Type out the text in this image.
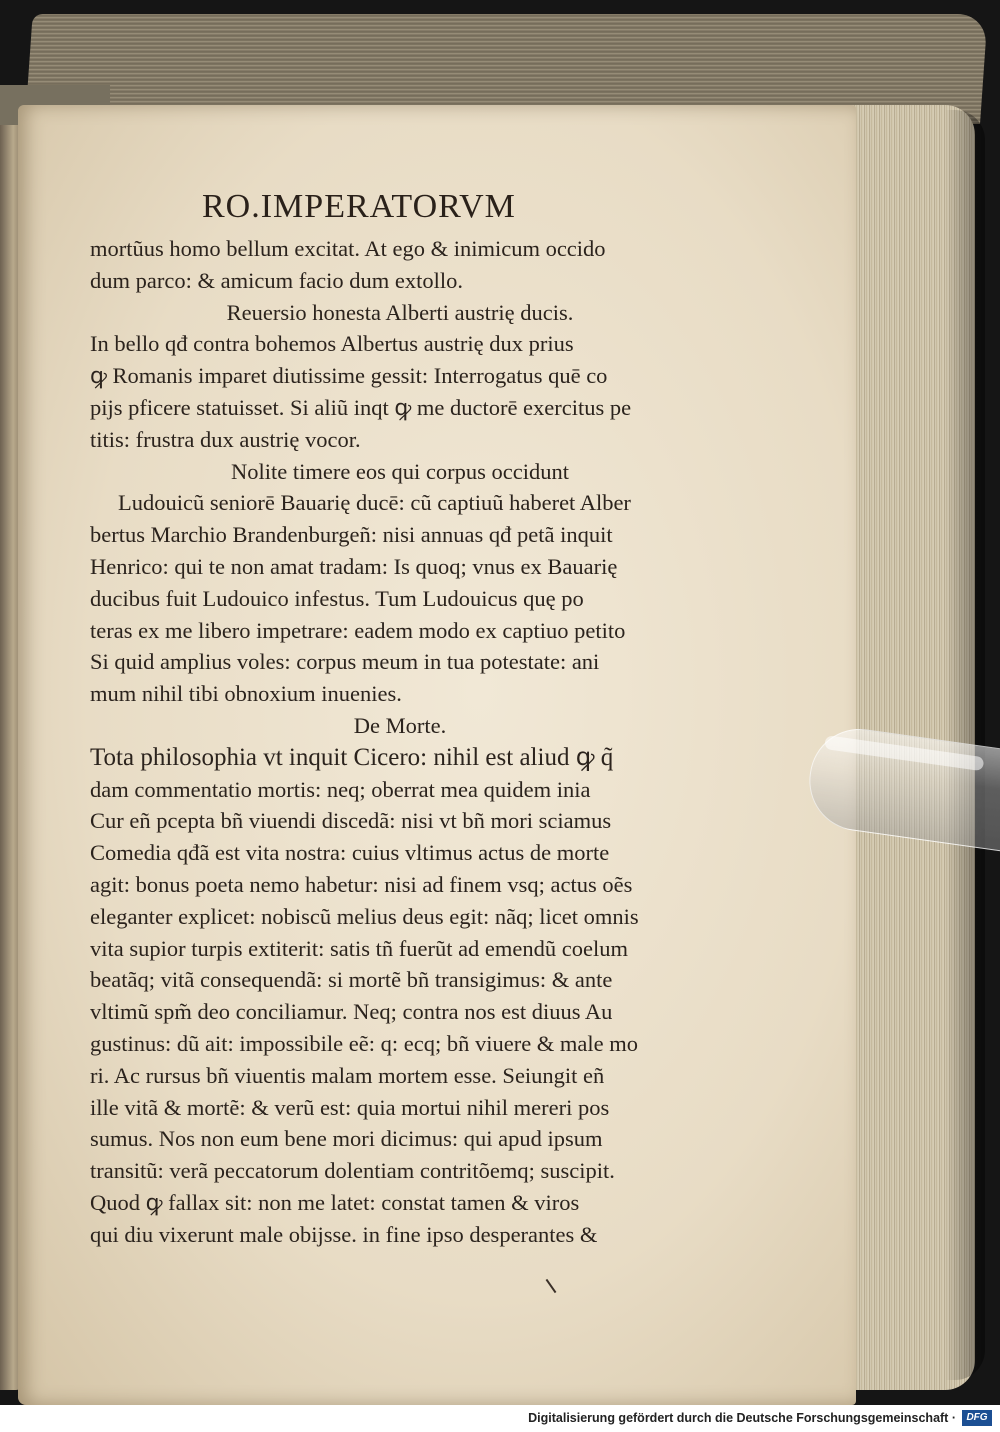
RO.IMPERATORVM
mortũus homo bellum excitat. At ego & inimicum occido
dum parco: & amicum facio dum extollo.
Reuersio honesta Alberti austrię ducis.
In bello qđ contra bohemos Albertus austrię dux prius
ꝙ Romanis imparet diutissime gessit: Interrogatus quē co
pijs pficere statuisset. Si aliũ inqt ꝙ me ductorē exercitus pe
titis: frustra dux austrię vocor.
Nolite timere eos qui corpus occidunt
Ludouicũ seniorē Bauarię ducē: cũ captiuũ haberet Alber
bertus Marchio Brandenburgeñ: nisi annuas qđ petã inquit
Henrico: qui te non amat tradam: Is quoq; vnus ex Bauarię
ducibus fuit Ludouico infestus. Tum Ludouicus quę po
teras ex me libero impetrare: eadem modo ex captiuo petito
Si quid amplius voles: corpus meum in tua potestate: ani
mum nihil tibi obnoxium inuenies.
De Morte.
Tota philosophia vt inquit Cicero: nihil est aliud ꝙ q̃
dam commentatio mortis: neq; oberrat mea quidem inia
Cur eñ pcepta bñ viuendi discedã: nisi vt bñ mori sciamus
Comedia qđã est vita nostra: cuius vltimus actus de morte
agit: bonus poeta nemo habetur: nisi ad finem vsq; actus oẽs
eleganter explicet: nobiscũ melius deus egit: nãq; licet omnis
vita supior turpis extiterit: satis tñ fuerũt ad emendũ coelum
beatãq; vitã consequendã: si mortẽ bñ transigimus: & ante
vltimũ spm̃ deo conciliamur. Neq; contra nos est diuus Au
gustinus: dũ ait: impossibile eẽ: q: ecq; bñ viuere & male mo
ri. Ac rursus bñ viuentis malam mortem esse. Seiungit eñ
ille vitã & mortẽ: & verũ est: quia mortui nihil mereri pos
sumus. Nos non eum bene mori dicimus: qui apud ipsum
transitũ: verã peccatorum dolentiam contritõemq; suscipit.
Quod ꝙ fallax sit: non me latet: constat tamen & viros
qui diu vixerunt male obijsse. in fine ipso desperantes &
Digitalisierung gefördert durch die Deutsche Forschungsgemeinschaft ·	DFG
